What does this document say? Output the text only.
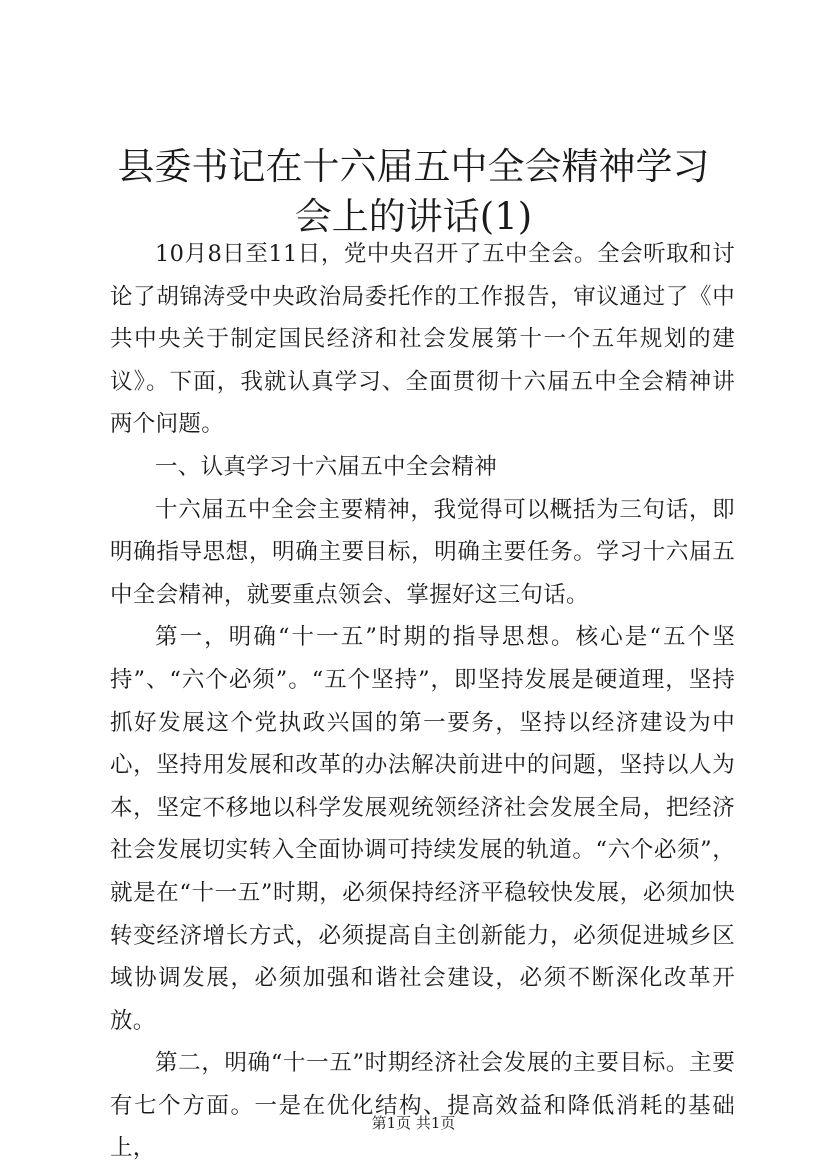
县委书记在十六届五中全会精神学习会上的讲话(1)

10月8日至11日，党中央召开了五中全会。全会听取和讨论了胡锦涛受中央政治局委托作的工作报告，审议通过了《中共中央关于制定国民经济和社会发展第十一个五年规划的建议》。下面，我就认真学习、全面贯彻十六届五中全会精神讲两个问题。

一、认真学习十六届五中全会精神

十六届五中全会主要精神，我觉得可以概括为三句话，即明确指导思想，明确主要目标，明确主要任务。学习十六届五中全会精神，就要重点领会、掌握好这三句话。

第一，明确“十一五”时期的指导思想。核心是“五个坚持”、“六个必须”。“五个坚持”，即坚持发展是硬道理，坚持抓好发展这个党执政兴国的第一要务，坚持以经济建设为中心，坚持用发展和改革的办法解决前进中的问题，坚持以人为本，坚定不移地以科学发展观统领经济社会发展全局，把经济社会发展切实转入全面协调可持续发展的轨道。“六个必须”，就是在“十一五”时期，必须保持经济平稳较快发展，必须加快转变经济增长方式，必须提高自主创新能力，必须促进城乡区域协调发展，必须加强和谐社会建设，必须不断深化改革开放。

第二，明确“十一五”时期经济社会发展的主要目标。主要有七个方面。一是在优化结构、提高效益和降低消耗的基础上，

第1页 共1页
